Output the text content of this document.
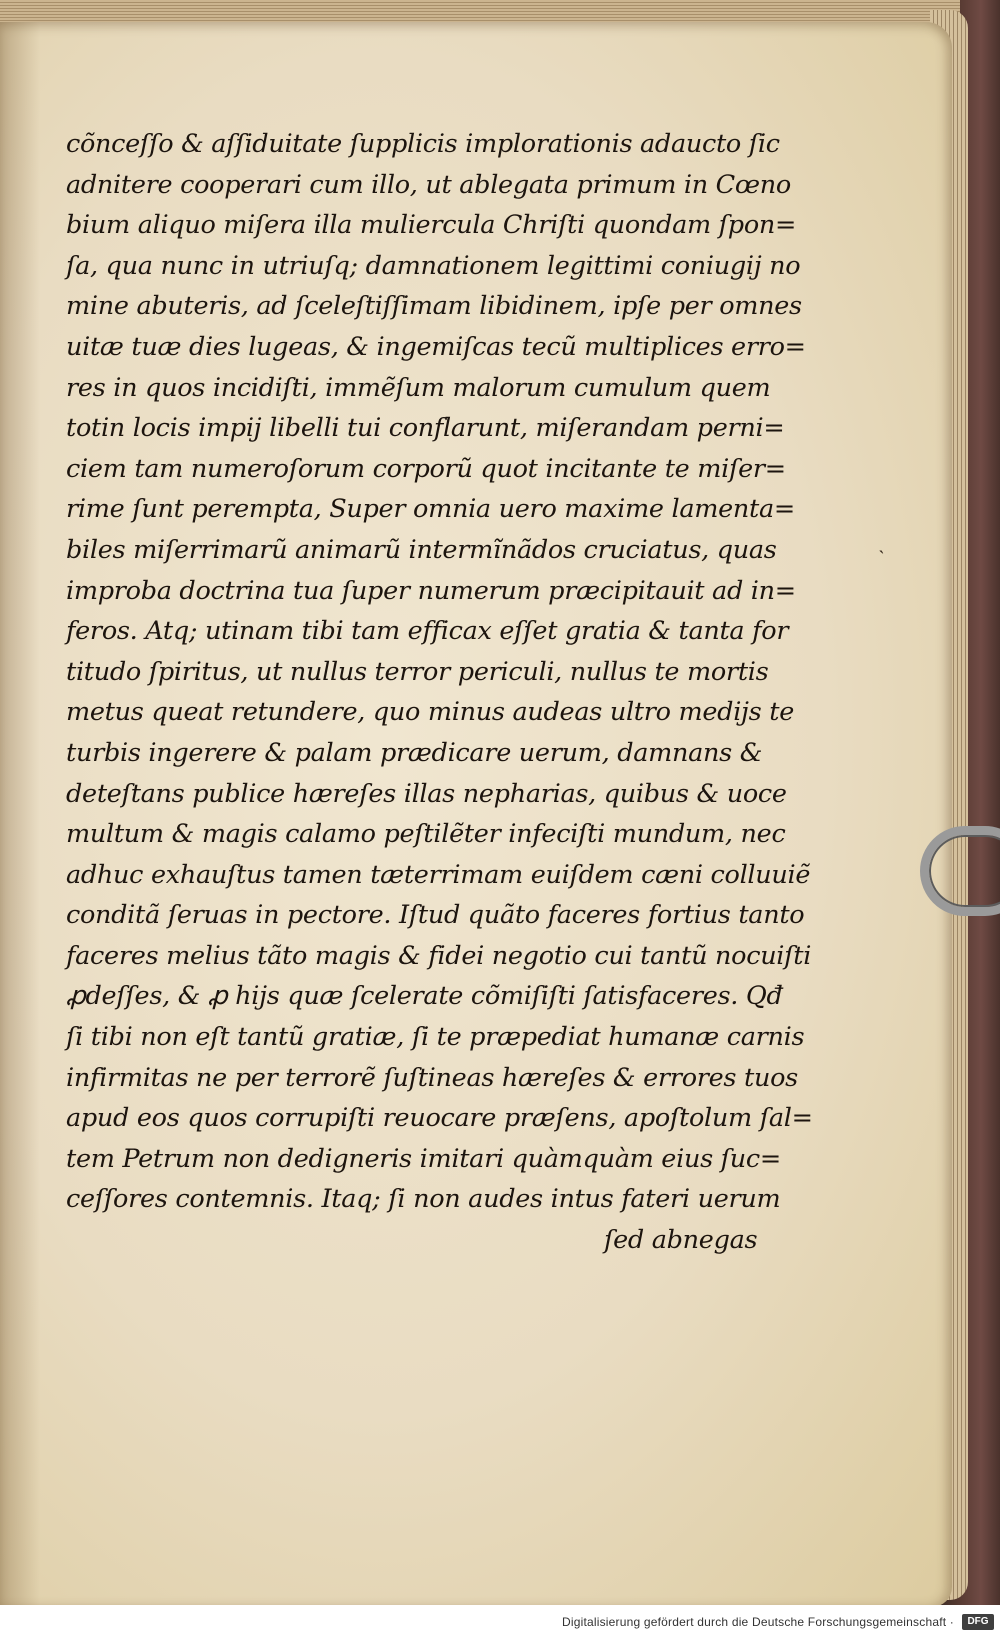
ˎ
cõnceſſo & aſſiduitate ſupplicis implorationis adaucto ſic
adnitere cooperari cum illo, ut ablegata primum in Cœno
bium aliquo miſera illa muliercula Chriſti quondam ſpon=
ſa, qua nunc in utriuſq; damnationem legittimi coniugij no
mine abuteris, ad ſceleſtiſſimam libidinem, ipſe per omnes
uitæ tuæ dies lugeas, & ingemiſcas tecũ multiplices erro=
res in quos incidiſti, immẽſum malorum cumulum quem
totin locis impij libelli tui conflarunt, miſerandam perni=
ciem tam numeroſorum corporũ quot incitante te miſer=
rime ſunt perempta, Super omnia uero maxime lamenta=
biles miſerrimarũ animarũ intermĩnãdos cruciatus, quas
improba doctrina tua ſuper numerum præcipitauit ad in=
feros. Atq; utinam tibi tam efficax eſſet gratia & tanta for
titudo ſpiritus, ut nullus terror periculi, nullus te mortis
metus queat retundere, quo minus audeas ultro medijs te
turbis ingerere & palam prædicare uerum, damnans &
deteſtans publice hæreſes illas nepharias, quibus & uoce
multum & magis calamo peſtilẽter infeciſti mundum, nec
adhuc exhauſtus tamen tæterrimam euiſdem cæni colluuiẽ
conditã ſeruas in pectore. Iſtud quãto faceres fortius tanto
faceres melius tãto magis & fidei negotio cui tantũ nocuiſti
ꝓdeſſes, & ꝓ hijs quæ ſcelerate cõmiſiſti ſatisfaceres. Qđ
ſi tibi non eſt tantũ gratiæ, ſi te præpediat humanæ carnis
infirmitas ne per terrorẽ ſuſtineas hæreſes & errores tuos
apud eos quos corrupiſti reuocare præſens, apoſtolum ſal=
tem Petrum non dedigneris imitari quàmquàm eius ſuc=
ceſſores contemnis. Itaq; ſi non audes intus fateri uerum
ſed abnegas
Digitalisierung gefördert durch die Deutsche Forschungsgemeinschaft ·	DFG
